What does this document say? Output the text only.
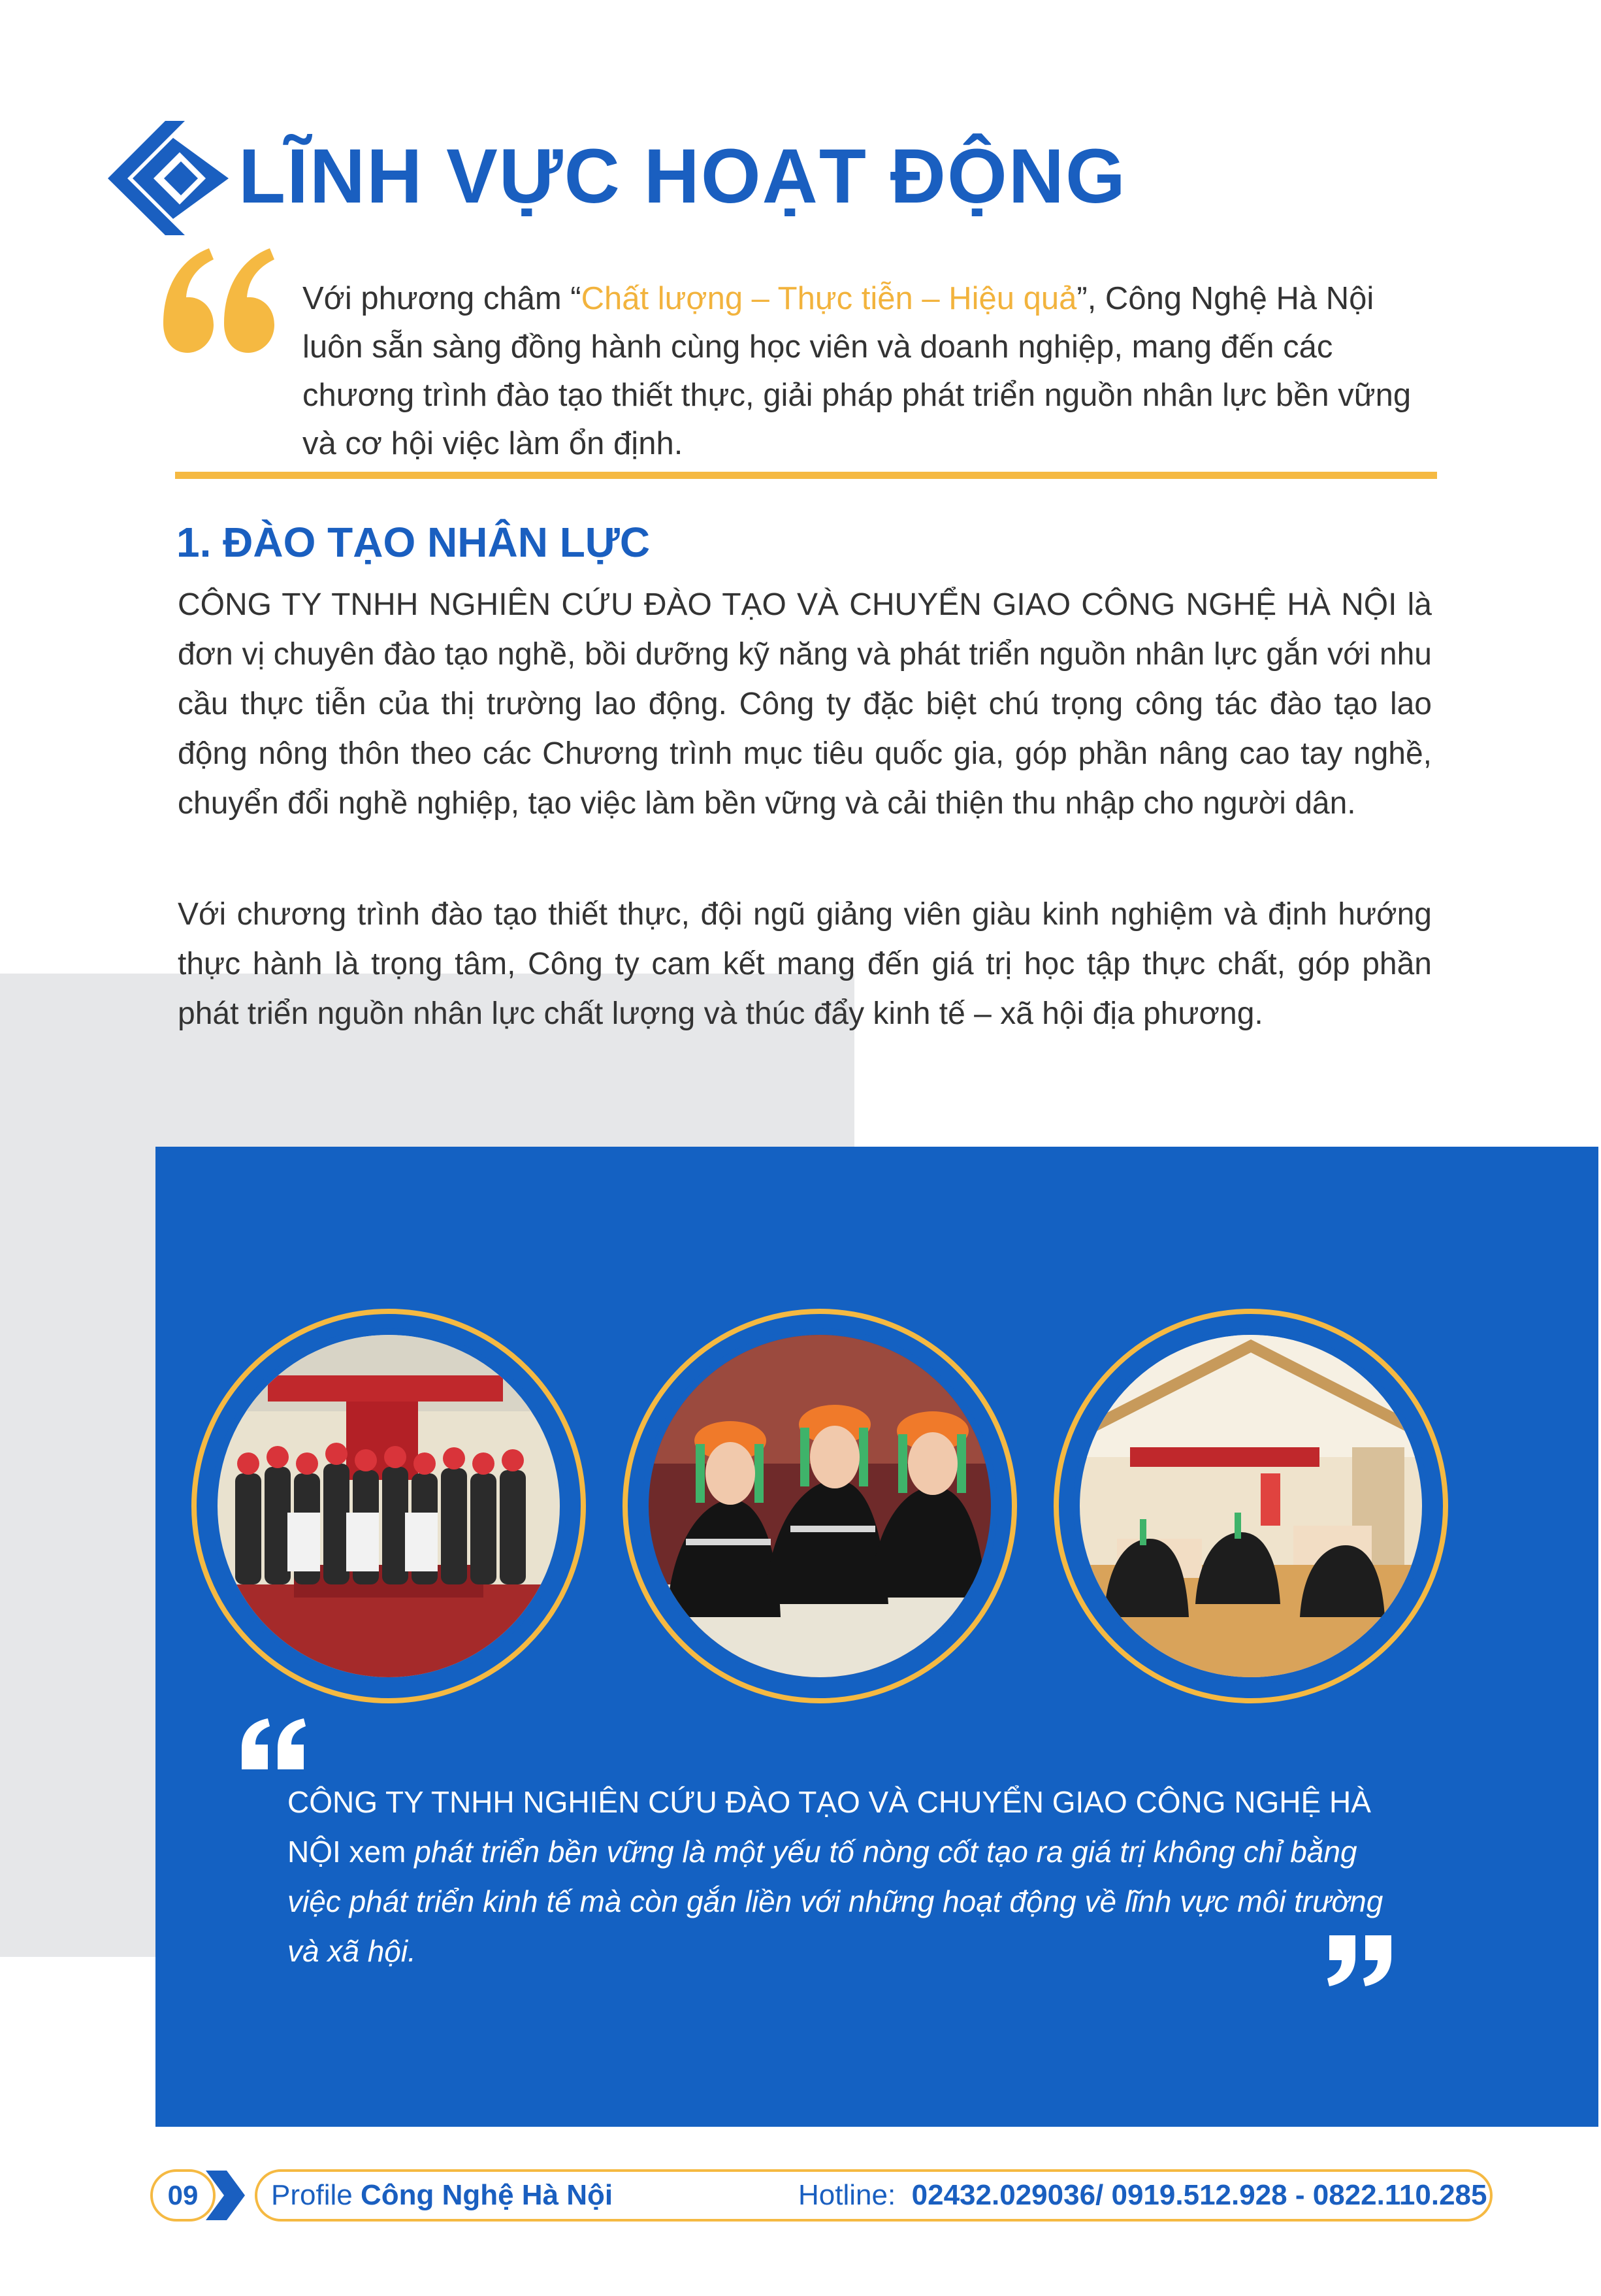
LĨNH VỰC HOẠT ĐỘNG

Với phương châm “Chất lượng – Thực tiễn – Hiệu quả”, Công Nghệ Hà Nội luôn sẵn sàng đồng hành cùng học viên và doanh nghiệp, mang đến các chương trình đào tạo thiết thực, giải pháp phát triển nguồn nhân lực bền vững và cơ hội việc làm ổn định.

1. ĐÀO TẠO NHÂN LỰC

CÔNG TY TNHH NGHIÊN CỨU ĐÀO TẠO VÀ CHUYỂN GIAO CÔNG NGHỆ HÀ NỘI là đơn vị chuyên đào tạo nghề, bồi dưỡng kỹ năng và phát triển nguồn nhân lực gắn với nhu cầu thực tiễn của thị trường lao động. Công ty đặc biệt chú trọng công tác đào tạo lao động nông thôn theo các Chương trình mục tiêu quốc gia, góp phần nâng cao tay nghề, chuyển đổi nghề nghiệp, tạo việc làm bền vững và cải thiện thu nhập cho người dân.

Với chương trình đào tạo thiết thực, đội ngũ giảng viên giàu kinh nghiệm và định hướng thực hành là trọng tâm, Công ty cam kết mang đến giá trị học tập thực chất, góp phần phát triển nguồn nhân lực chất lượng và thúc đẩy kinh tế – xã hội địa phương.

CÔNG TY TNHH NGHIÊN CỨU ĐÀO TẠO VÀ CHUYỂN GIAO CÔNG NGHỆ HÀ NỘI xem phát triển bền vững là một yếu tố nòng cốt tạo ra giá trị không chỉ bằng việc phát triển kinh tế mà còn gắn liền với những hoạt động về lĩnh vực môi trường và xã hội.

09	Profile Công Nghệ Hà Nội	Hotline: 02432.029036/ 0919.512.928 - 0822.110.285
